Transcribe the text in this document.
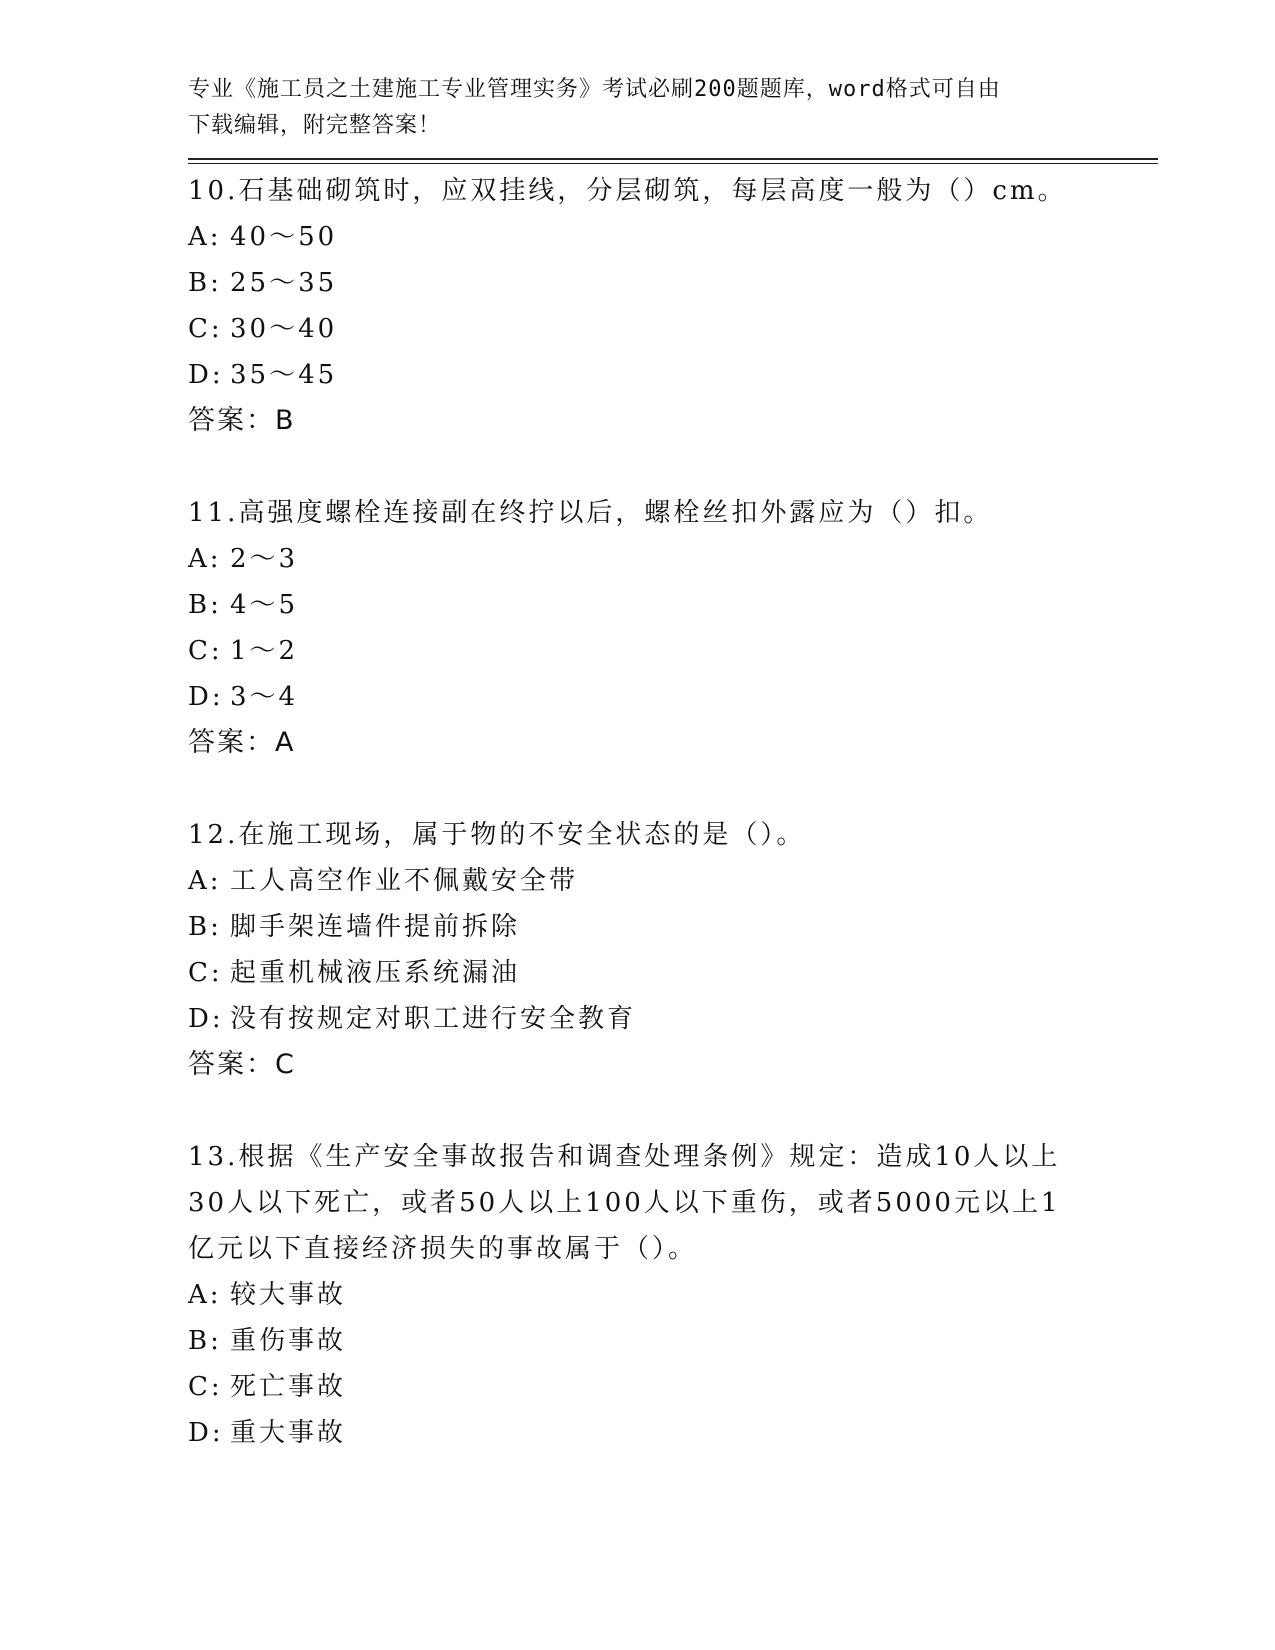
专业《施工员之土建施工专业管理实务》考试必刷200题题库，word格式可自由
下载编辑，附完整答案！
10.石基础砌筑时，应双挂线，分层砌筑，每层高度一般为（）cm。
A: 40～50
B: 25～35
C: 30～40
D: 35～45
答案：B
11.高强度螺栓连接副在终拧以后，螺栓丝扣外露应为（）扣。
A: 2～3
B: 4～5
C: 1～2
D: 3～4
答案：A
12.在施工现场，属于物的不安全状态的是（）。
A: 工人高空作业不佩戴安全带
B: 脚手架连墙件提前拆除
C: 起重机械液压系统漏油
D: 没有按规定对职工进行安全教育
答案：C
13.根据《生产安全事故报告和调查处理条例》规定：造成10人以上
30人以下死亡，或者50人以上100人以下重伤，或者5000元以上1
亿元以下直接经济损失的事故属于（）。
A: 较大事故
B: 重伤事故
C: 死亡事故
D: 重大事故
